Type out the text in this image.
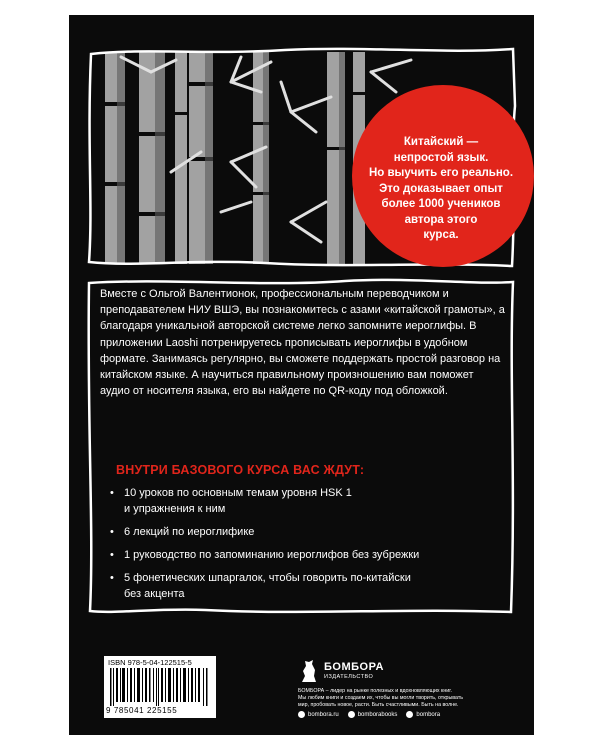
Китайский —
непростой язык.
Но выучить его реально.
Это доказывает опыт
более 1000 учеников
автора этого
курса.

Вместе с Ольгой Валентионок, профессиональным переводчиком и преподавателем НИУ ВШЭ, вы познакомитесь с азами «китайской грамоты», а благодаря уникальной авторской системе легко запомните иероглифы. В приложении Laoshi потренируетесь прописывать иероглифы в удобном формате. Занимаясь регулярно, вы сможете поддержать простой разговор на китайском языке. А научиться правильному произношению вам поможет аудио от носителя языка, его вы найдете по QR-коду под обложкой.

ВНУТРИ БАЗОВОГО КУРСА ВАС ЖДУТ:
• 10 уроков по основным темам уровня HSK 1
и упражнения к ним
• 6 лекций по иероглифике
• 1 руководство по запоминанию иероглифов без зубрежки
• 5 фонетических шпаргалок, чтобы говорить по-китайски
без акцента
ISBN 978-5-04-122515-5
9 785041 225155
БОМБОРА
ИЗДАТЕЛЬСТВО
БОМБОРА – лидер на рынке полезных и вдохновляющих книг.
Мы любим книги и создаем их, чтобы вы могли творить, открывать
мир, пробовать новое, расти. Быть счастливыми. Быть на волне.
bombora.ru	bomborabooks	bombora
